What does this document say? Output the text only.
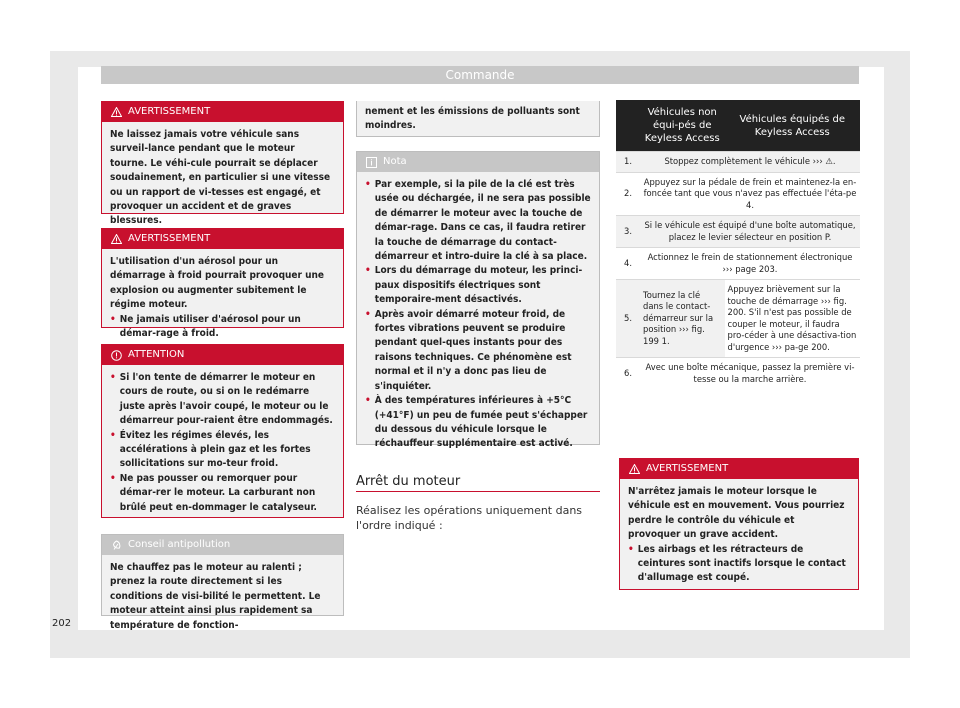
Commande
AVERTISSEMENT
Ne laissez jamais votre véhicule sans surveil-lance pendant que le moteur tourne. Le véhi-cule pourrait se déplacer soudainement, en particulier si une vitesse ou un rapport de vi-tesses est engagé, et provoquer un accident et de graves blessures.
AVERTISSEMENT
L'utilisation d'un aérosol pour un démarrage à froid pourrait provoquer une explosion ou augmenter subitement le régime moteur.
• Ne jamais utiliser d'aérosol pour un démar-rage à froid.
ATTENTION
• Si l'on tente de démarrer le moteur en cours de route, ou si on le redémarre juste après l'avoir coupé, le moteur ou le démarreur pour-raient être endommagés.
• Évitez les régimes élevés, les accélérations à plein gaz et les fortes sollicitations sur mo-teur froid.
• Ne pas pousser ou remorquer pour démar-rer le moteur. La carburant non brûlé peut en-dommager le catalyseur.
Conseil antipollution
Ne chauffez pas le moteur au ralenti ; prenez la route directement si les conditions de visi-bilité le permettent. Le moteur atteint ainsi plus rapidement sa température de fonction-
nement et les émissions de polluants sont moindres.
Nota
• Par exemple, si la pile de la clé est très usée ou déchargée, il ne sera pas possible de démarrer le moteur avec la touche de démar-rage. Dans ce cas, il faudra retirer la touche de démarrage du contact-démarreur et intro-duire la clé à sa place.
• Lors du démarrage du moteur, les princi-paux dispositifs électriques sont temporaire-ment désactivés.
• Après avoir démarré moteur froid, de fortes vibrations peuvent se produire pendant quel-ques instants pour des raisons techniques. Ce phénomène est normal et il n'y a donc pas lieu de s'inquiéter.
• À des températures inférieures à +5°C (+41°F) un peu de fumée peut s'échapper du dessous du véhicule lorsque le réchauffeur supplémentaire est activé.
Arrêt du moteur
Réalisez les opérations uniquement dans l'ordre indiqué :
	Véhicules non équi-pés de Keyless Access	Véhicules équipés de Keyless Access
1.	Stoppez complètement le véhicule ››› ⚠.	
2.	Appuyez sur la pédale de frein et maintenez-la en-foncée tant que vous n'avez pas effectuée l'éta-pe 4.	
3.	Si le véhicule est équipé d'une boîte automatique, placez le levier sélecteur en position P.	
4.	Actionnez le frein de stationnement électronique ››› page 203.	
5.	Tournez la clé dans le contact-démarreur sur la position ››› fig. 199 1.	Appuyez brièvement sur la touche de démarrage ››› fig. 200. S'il n'est pas possible de couper le moteur, il faudra pro-céder à une désactiva-tion d'urgence ››› pa-ge 200.
6.	Avec une boîte mécanique, passez la première vi-tesse ou la marche arrière.	
AVERTISSEMENT
N'arrêtez jamais le moteur lorsque le véhicule est en mouvement. Vous pourriez perdre le contrôle du véhicule et provoquer un grave accident.
• Les airbags et les rétracteurs de ceintures sont inactifs lorsque le contact d'allumage est coupé.
202
